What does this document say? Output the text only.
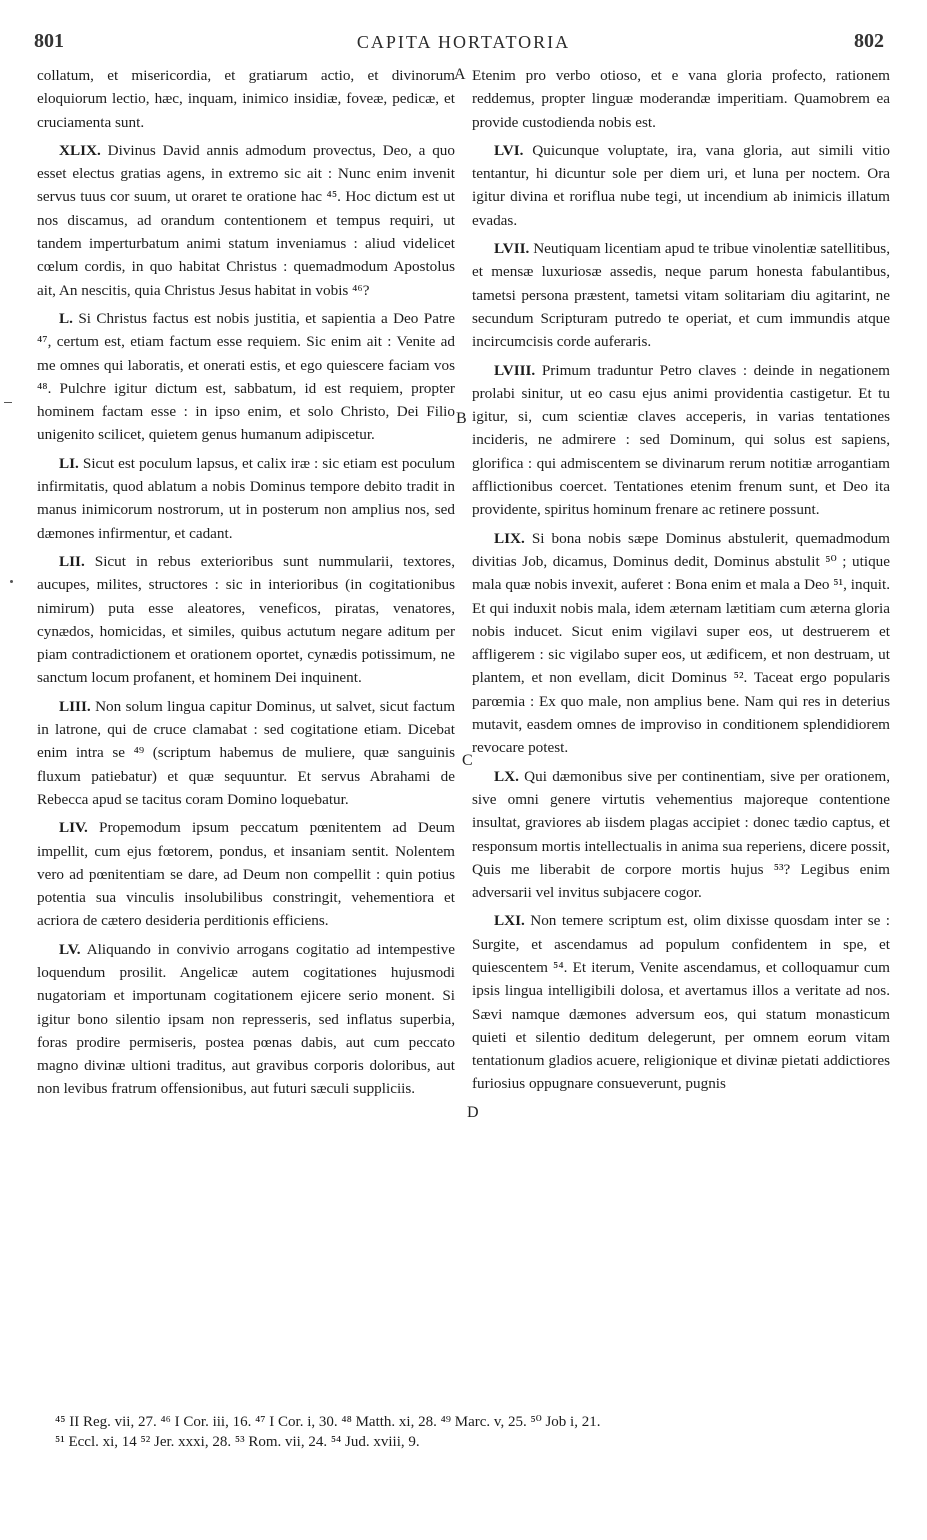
801	CAPITA HORTATORIA	802
A
B
C
D

collatum, et misericordia, et gratiarum actio, et divinorum eloquiorum lectio, hæc, inquam, inimico insidiæ, foveæ, pedicæ, et cruciamenta sunt.

XLIX. Divinus David annis admodum provectus, Deo, a quo esset electus gratias agens, in extremo sic ait : Nunc enim invenit servus tuus cor suum, ut oraret te oratione hac ⁴⁵. Hoc dictum est ut nos discamus, ad orandum contentionem et tempus requiri, ut tandem imperturbatum animi statum inveniamus : aliud videlicet cœlum cordis, in quo habitat Christus : quemadmodum Apostolus ait, An nescitis, quia Christus Jesus habitat in vobis ⁴⁶?

L. Si Christus factus est nobis justitia, et sapientia a Deo Patre ⁴⁷, certum est, etiam factum esse requiem. Sic enim ait : Venite ad me omnes qui laboratis, et onerati estis, et ego quiescere faciam vos ⁴⁸. Pulchre igitur dictum est, sabbatum, id est requiem, propter hominem factam esse : in ipso enim, et solo Christo, Dei Filio unigenito scilicet, quietem genus humanum adipiscetur.

LI. Sicut est poculum lapsus, et calix iræ : sic etiam est poculum infirmitatis, quod ablatum a nobis Dominus tempore debito tradit in manus inimicorum nostrorum, ut in posterum non amplius nos, sed dæmones infirmentur, et cadant.

LII. Sicut in rebus exterioribus sunt nummularii, textores, aucupes, milites, structores : sic in interioribus (in cogitationibus nimirum) puta esse aleatores, veneficos, piratas, venatores, cynædos, homicidas, et similes, quibus actutum negare aditum per piam contradictionem et orationem oportet, cynædis potissimum, ne sanctum locum profanent, et hominem Dei inquinent.

LIII. Non solum lingua capitur Dominus, ut salvet, sicut factum in latrone, qui de cruce clamabat : sed cogitatione etiam. Dicebat enim intra se ⁴⁹ (scriptum habemus de muliere, quæ sanguinis fluxum patiebatur) et quæ sequuntur. Et servus Abrahami de Rebecca apud se tacitus coram Domino loquebatur.

LIV. Propemodum ipsum peccatum pœnitentem ad Deum impellit, cum ejus fœtorem, pondus, et insaniam sentit. Nolentem vero ad pœnitentiam se dare, ad Deum non compellit : quin potius potentia sua vinculis insolubilibus constringit, vehementiora et acriora de cætero desideria perditionis efficiens.

LV. Aliquando in convivio arrogans cogitatio ad intempestive loquendum prosilit. Angelicæ autem cogitationes hujusmodi nugatoriam et importunam cogitationem ejicere serio monent. Si igitur bono silentio ipsam non represseris, sed inflatus superbia, foras prodire permiseris, postea pœnas dabis, aut cum peccato magno divinæ ultioni traditus, aut gravibus corporis doloribus, aut non levibus fratrum offensionibus, aut futuri sæculi suppliciis.

Etenim pro verbo otioso, et e vana gloria profecto, rationem reddemus, propter linguæ moderandæ imperitiam. Quamobrem ea provide custodienda nobis est.

LVI. Quicunque voluptate, ira, vana gloria, aut simili vitio tentantur, hi dicuntur sole per diem uri, et luna per noctem. Ora igitur divina et roriflua nube tegi, ut incendium ab inimicis illatum evadas.

LVII. Neutiquam licentiam apud te tribue vinolentiæ satellitibus, et mensæ luxuriosæ assedis, neque parum honesta fabulantibus, tametsi persona præstent, tametsi vitam solitariam diu agitarint, ne secundum Scripturam putredo te operiat, et cum immundis atque incircumcisis corde auferaris.

LVIII. Primum traduntur Petro claves : deinde in negationem prolabi sinitur, ut eo casu ejus animi providentia castigetur. Et tu igitur, si, cum scientiæ claves acceperis, in varias tentationes incideris, ne admirere : sed Dominum, qui solus est sapiens, glorifica : qui admiscentem se divinarum rerum notitiæ arrogantiam afflictionibus coercet. Tentationes etenim frenum sunt, et Deo ita providente, spiritus hominum frenare ac retinere possunt.

LIX. Si bona nobis sæpe Dominus abstulerit, quemadmodum divitias Job, dicamus, Dominus dedit, Dominus abstulit ⁵⁰ ; utique mala quæ nobis invexit, auferet : Bona enim et mala a Deo ⁵¹, inquit. Et qui induxit nobis mala, idem æternam lætitiam cum æterna gloria nobis inducet. Sicut enim vigilavi super eos, ut destruerem et affligerem : sic vigilabo super eos, ut ædificem, et non destruam, ut plantem, et non evellam, dicit Dominus ⁵². Taceat ergo popularis parœmia : Ex quo male, non amplius bene. Nam qui res in deterius mutavit, easdem omnes de improviso in conditionem splendidiorem revocare potest.

LX. Qui dæmonibus sive per continentiam, sive per orationem, sive omni genere virtutis vehementius majoreque contentione insultat, graviores ab iisdem plagas accipiet : donec tædio captus, et responsum mortis intellectualis in anima sua reperiens, dicere possit, Quis me liberabit de corpore mortis hujus ⁵³? Legibus enim adversarii vel invitus subjacere cogor.

LXI. Non temere scriptum est, olim dixisse quosdam inter se : Surgite, et ascendamus ad populum confidentem in spe, et quiescentem ⁵⁴. Et iterum, Venite ascendamus, et colloquamur cum ipsis lingua intelligibili dolosa, et avertamus illos a veritate ad nos. Sævi namque dæmones adversum eos, qui statum monasticum quieti et silentio deditum delegerunt, per omnem eorum vitam tentationum gladios acuere, religionique et divinæ pietati addictiores furiosius oppugnare consueverunt, pugnis

⁴⁵ II Reg. vii, 27. ⁴⁶ I Cor. iii, 16. ⁴⁷ I Cor. i, 30. ⁴⁸ Matth. xi, 28. ⁴⁹ Marc. v, 25. ⁵⁰ Job i, 21.
⁵¹ Eccl. xi, 14 ⁵² Jer. xxxi, 28. ⁵³ Rom. vii, 24. ⁵⁴ Jud. xviii, 9.
